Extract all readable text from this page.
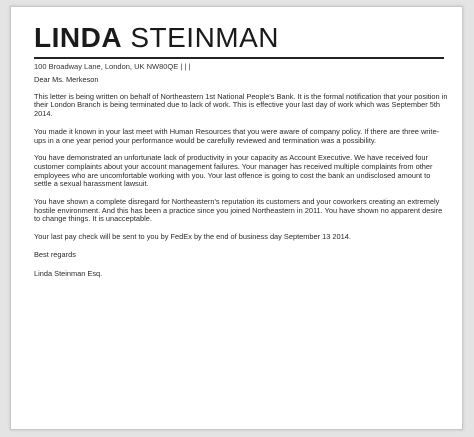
LINDA STEINMAN
100 Broadway Lane, London, UK NW80QE | | |

Dear Ms. Merkeson

This letter is being written on behalf of Northeastern 1st National People's Bank. It is the formal notification that your position in their London Branch is being terminated due to lack of work. This is effective your last day of work which was September 5th 2014.

You made it known in your last meet with Human Resources that you were aware of company policy. If there are three write-ups in a one year period your performance would be carefully reviewed and termination was a possibility.

You have demonstrated an unfortunate lack of productivity in your capacity as Account Executive. We have received four customer complaints about your account management failures. Your manager has received multiple complaints from other employees who are uncomfortable working with you. Your last offence is going to cost the bank an undisclosed amount to settle a sexual harassment lawsuit.

You have shown a complete disregard for Northeastern's reputation its customers and your coworkers creating an extremely hostile environment. And this has been a practice since you joined Northeastern in 2011. You have shown no apparent desire to change things. It is unacceptable.

Your last pay check will be sent to you by FedEx by the end of business day September 13 2014.

Best regards

Linda Steinman Esq.
